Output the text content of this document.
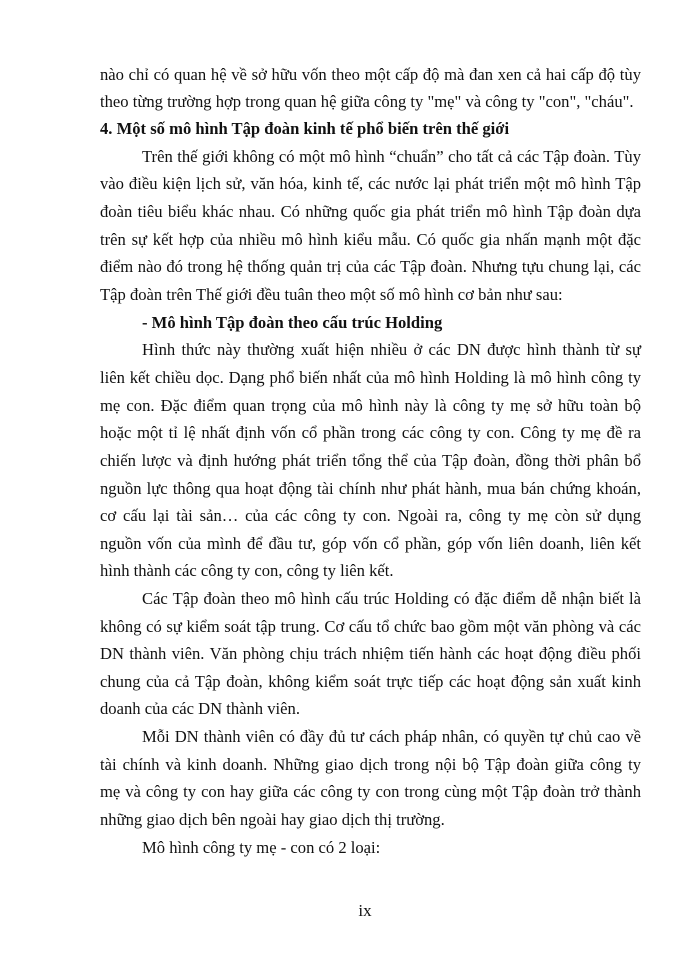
nào chỉ có quan hệ về sở hữu vốn theo một cấp độ mà đan xen cả hai cấp độ tùy
theo từng trường hợp trong quan hệ giữa công ty "mẹ" và công ty "con", "cháu".
4. Một số mô hình Tập đoàn kinh tế phổ biến trên thế giới
Trên thế giới không có một mô hình “chuẩn” cho tất cả các Tập đoàn. Tùy
vào điều kiện lịch sử, văn hóa, kinh tế, các nước lại phát triển một mô hình Tập
đoàn tiêu biểu khác nhau. Có những quốc gia phát triển mô hình Tập đoàn dựa
trên sự kết hợp của nhiều mô hình kiểu mẫu. Có quốc gia nhấn mạnh một đặc
điểm nào đó trong hệ thống quản trị của các Tập đoàn. Nhưng tựu chung lại, các
Tập đoàn trên Thế giới đều tuân theo một số mô hình cơ bản như sau:
- Mô hình Tập đoàn theo cấu trúc Holding
Hình thức này thường xuất hiện nhiều ở các DN được hình thành từ sự
liên kết chiều dọc. Dạng phổ biến nhất của mô hình Holding là mô hình công ty
mẹ con. Đặc điểm quan trọng của mô hình này là công ty mẹ sở hữu toàn bộ
hoặc một tỉ lệ nhất định vốn cổ phần trong các công ty con. Công ty mẹ đề ra
chiến lược và định hướng phát triển tổng thể của Tập đoàn, đồng thời phân bổ
nguồn lực thông qua hoạt động tài chính như phát hành, mua bán chứng khoán,
cơ cấu lại tài sản… của các công ty con. Ngoài ra, công ty mẹ còn sử dụng
nguồn vốn của mình để đầu tư, góp vốn cổ phần, góp vốn liên doanh, liên kết
hình thành các công ty con, công ty liên kết.
Các Tập đoàn theo mô hình cấu trúc Holding có đặc điểm dễ nhận biết là
không có sự kiểm soát tập trung. Cơ cấu tổ chức bao gồm một văn phòng và các
DN thành viên. Văn phòng chịu trách nhiệm tiến hành các hoạt động điều phối
chung của cả Tập đoàn, không kiểm soát trực tiếp các hoạt động sản xuất kinh
doanh của các DN thành viên.
Mỗi DN thành viên có đầy đủ tư cách pháp nhân, có quyền tự chủ cao về
tài chính và kinh doanh. Những giao dịch trong nội bộ Tập đoàn giữa công ty
mẹ và công ty con hay giữa các công ty con trong cùng một Tập đoàn trở thành
những giao dịch bên ngoài hay giao dịch thị trường.
Mô hình công ty mẹ - con có 2 loại:
ix
